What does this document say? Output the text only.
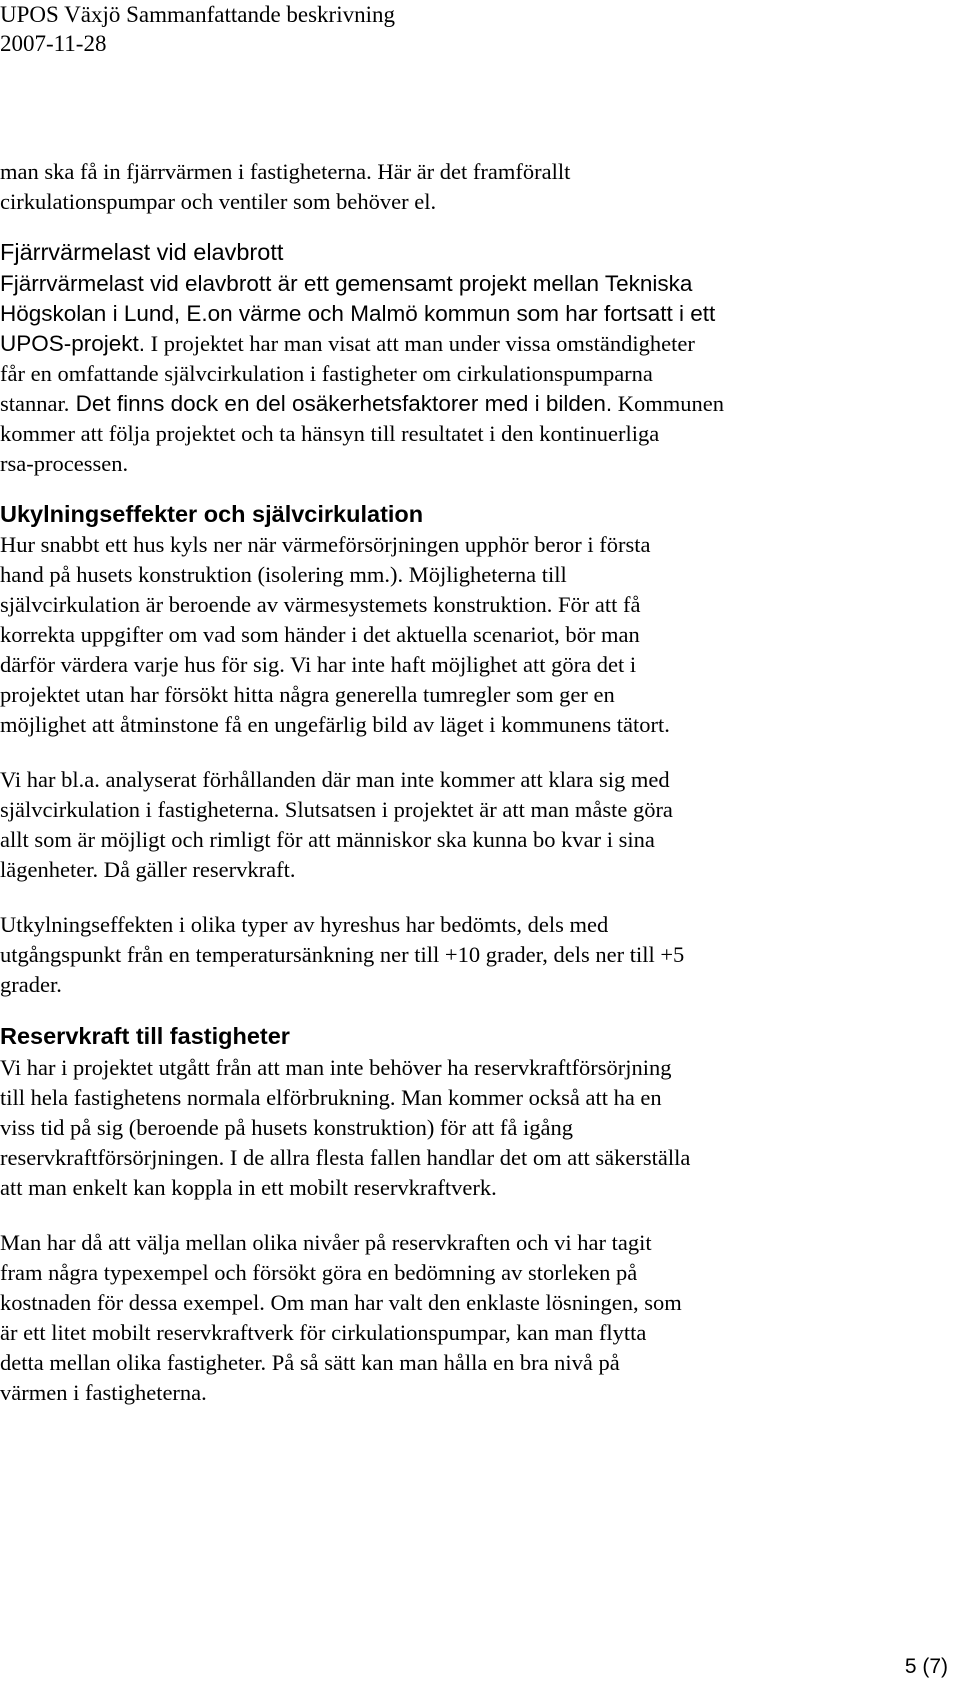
UPOS Växjö Sammanfattande beskrivning

2007-11-28

man ska få in fjärrvärmen i fastigheterna. Här är det framförallt

cirkulationspumpar och ventiler som behöver el.

Fjärrvärmelast vid elavbrott

Fjärrvärmelast vid elavbrott är ett gemensamt projekt mellan Tekniska

Högskolan i Lund, E.on värme och Malmö kommun som har fortsatt i ett

UPOS-projekt. I projektet har man visat att man under vissa omständigheter

får en omfattande självcirkulation i fastigheter om cirkulationspumparna

stannar. Det finns dock en del osäkerhetsfaktorer med i bilden. Kommunen

kommer att följa projektet och ta hänsyn till resultatet i den kontinuerliga

rsa-processen.

Ukylningseffekter och självcirkulation

Hur snabbt ett hus kyls ner när värmeförsörjningen upphör beror i första

hand på husets konstruktion (isolering mm.). Möjligheterna till

självcirkulation är beroende av värmesystemets konstruktion. För att få

korrekta uppgifter om vad som händer i det aktuella scenariot, bör man

därför värdera varje hus för sig. Vi har inte haft möjlighet att göra det i

projektet utan har försökt hitta några generella tumregler som ger en

möjlighet att åtminstone få en ungefärlig bild av läget i kommunens tätort.

Vi har bl.a. analyserat förhållanden där man inte kommer att klara sig med

självcirkulation i fastigheterna. Slutsatsen i projektet är att man måste göra

allt som är möjligt och rimligt för att människor ska kunna bo kvar i sina

lägenheter. Då gäller reservkraft.

Utkylningseffekten i olika typer av hyreshus har bedömts, dels med

utgångspunkt från en temperatursänkning ner till +10 grader, dels ner till +5

grader.

Reservkraft till fastigheter

Vi har i projektet utgått från att man inte behöver ha reservkraftförsörjning

till hela fastighetens normala elförbrukning. Man kommer också att ha en

viss tid på sig (beroende på husets konstruktion) för att få igång

reservkraftförsörjningen. I de allra flesta fallen handlar det om att säkerställa

att man enkelt kan koppla in ett mobilt reservkraftverk.

Man har då att välja mellan olika nivåer på reservkraften och vi har tagit

fram några typexempel och försökt göra en bedömning av storleken på

kostnaden för dessa exempel. Om man har valt den enklaste lösningen, som

är ett litet mobilt reservkraftverk för cirkulationspumpar, kan man flytta

detta mellan olika fastigheter. På så sätt kan man hålla en bra nivå på

värmen i fastigheterna.

5 (7)
